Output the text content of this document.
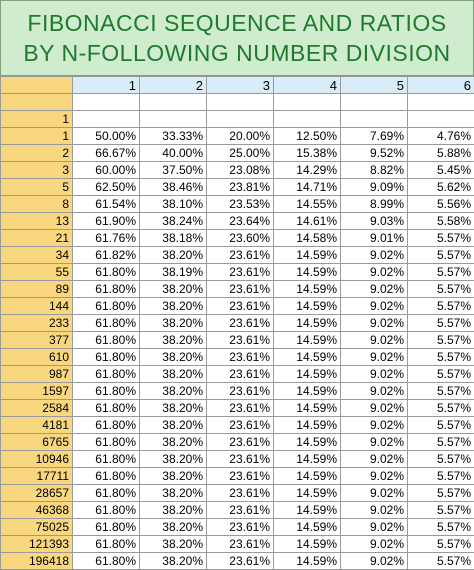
FIBONACCI SEQUENCE AND RATIOS
BY N-FOLLOWING NUMBER DIVISION
	1	2	3	4	5	6

1						
1	50.00%	33.33%	20.00%	12.50%	7.69%	4.76%
2	66.67%	40.00%	25.00%	15.38%	9.52%	5.88%
3	60.00%	37.50%	23.08%	14.29%	8.82%	5.45%
5	62.50%	38.46%	23.81%	14.71%	9.09%	5.62%
8	61.54%	38.10%	23.53%	14.55%	8.99%	5.56%
13	61.90%	38.24%	23.64%	14.61%	9.03%	5.58%
21	61.76%	38.18%	23.60%	14.58%	9.01%	5.57%
34	61.82%	38.20%	23.61%	14.59%	9.02%	5.57%
55	61.80%	38.19%	23.61%	14.59%	9.02%	5.57%
89	61.80%	38.20%	23.61%	14.59%	9.02%	5.57%
144	61.80%	38.20%	23.61%	14.59%	9.02%	5.57%
233	61.80%	38.20%	23.61%	14.59%	9.02%	5.57%
377	61.80%	38.20%	23.61%	14.59%	9.02%	5.57%
610	61.80%	38.20%	23.61%	14.59%	9.02%	5.57%
987	61.80%	38.20%	23.61%	14.59%	9.02%	5.57%
1597	61.80%	38.20%	23.61%	14.59%	9.02%	5.57%
2584	61.80%	38.20%	23.61%	14.59%	9.02%	5.57%
4181	61.80%	38.20%	23.61%	14.59%	9.02%	5.57%
6765	61.80%	38.20%	23.61%	14.59%	9.02%	5.57%
10946	61.80%	38.20%	23.61%	14.59%	9.02%	5.57%
17711	61.80%	38.20%	23.61%	14.59%	9.02%	5.57%
28657	61.80%	38.20%	23.61%	14.59%	9.02%	5.57%
46368	61.80%	38.20%	23.61%	14.59%	9.02%	5.57%
75025	61.80%	38.20%	23.61%	14.59%	9.02%	5.57%
121393	61.80%	38.20%	23.61%	14.59%	9.02%	5.57%
196418	61.80%	38.20%	23.61%	14.59%	9.02%	5.57%
